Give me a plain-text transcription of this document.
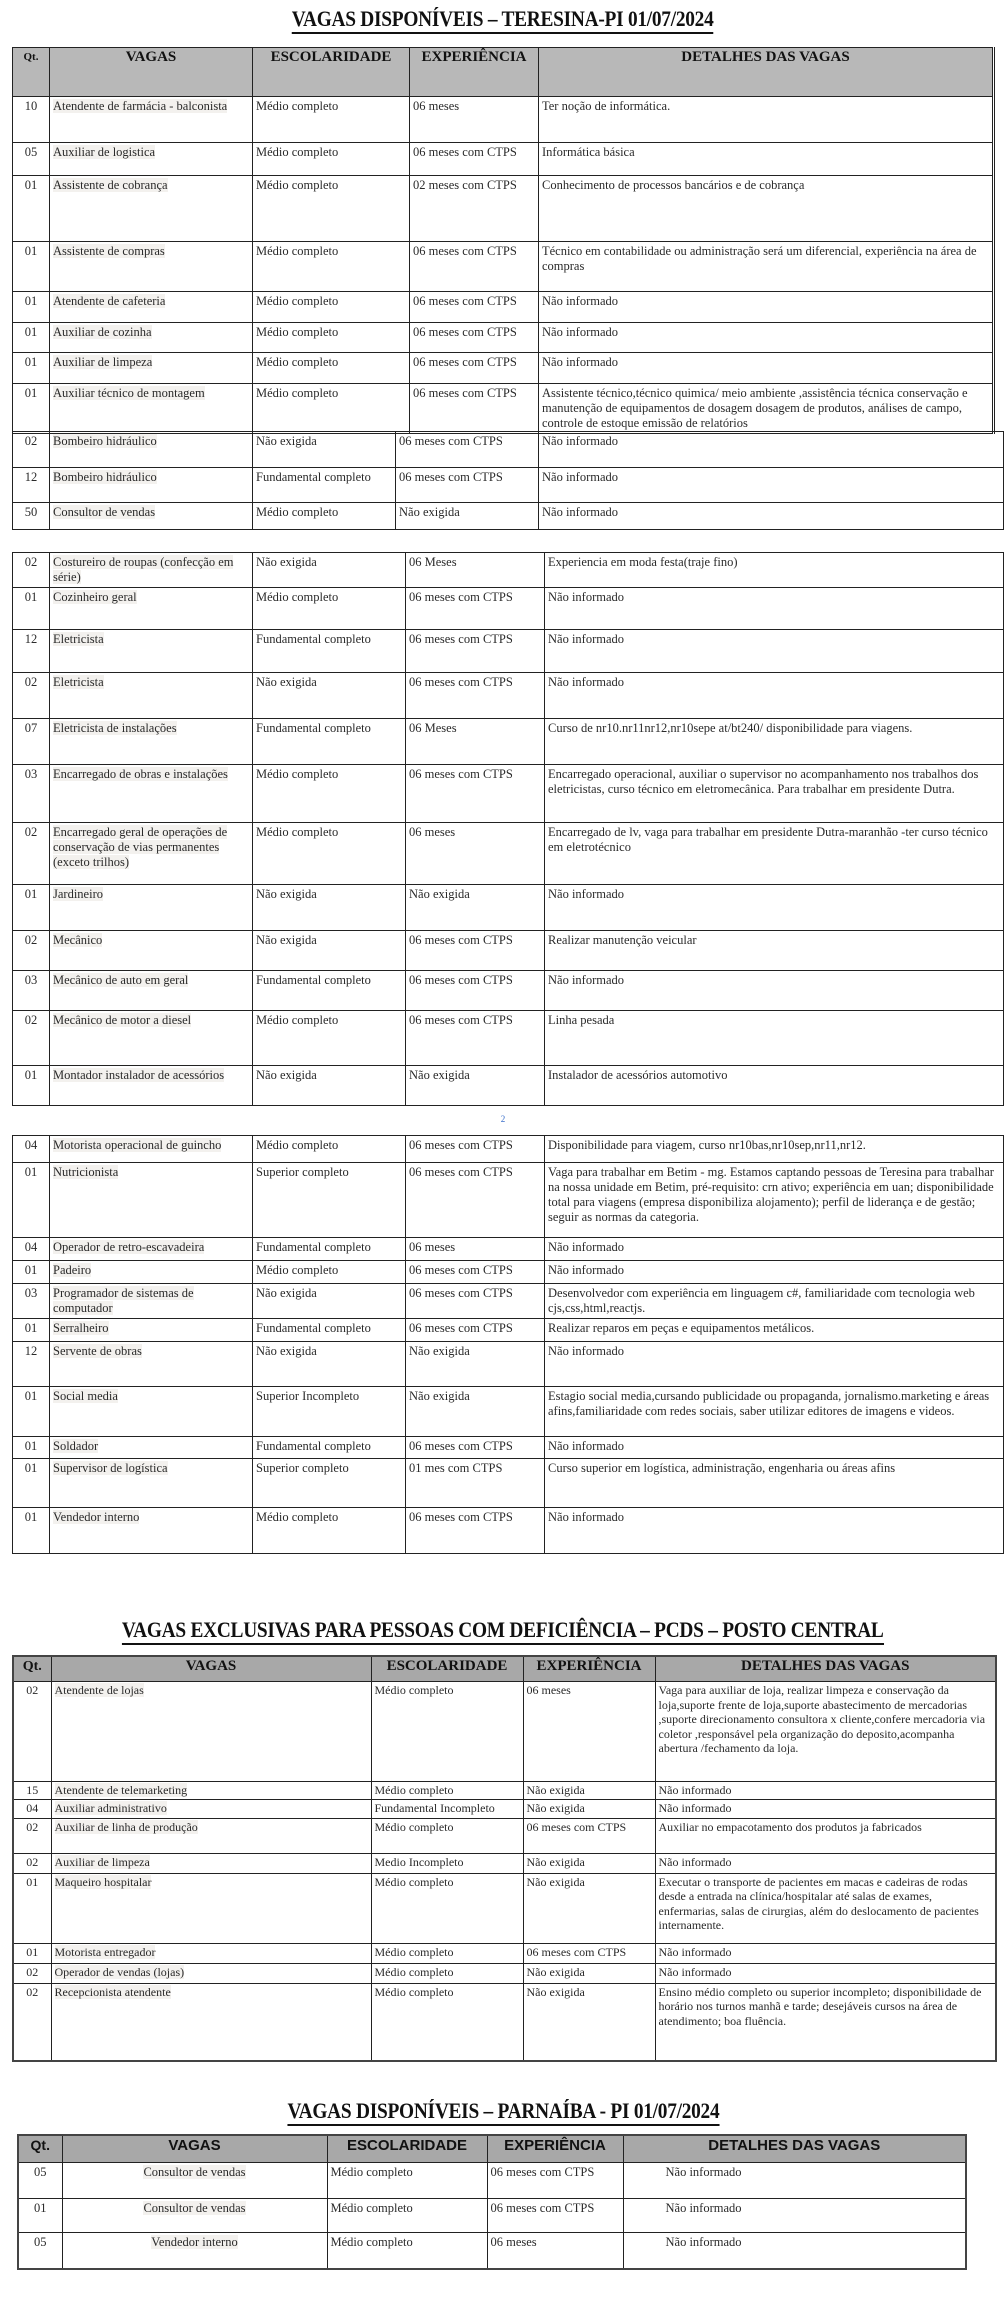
VAGAS DISPONÍVEIS – TERESINA-PI 01/07/2024
Qt.	VAGAS	ESCOLARIDADE	EXPERIÊNCIA	DETALHES DAS VAGAS
10	Atendente de farmácia - balconista	Médio completo	06 meses	Ter noção de informática.
05	Auxiliar de logistica	Médio completo	06 meses com CTPS	Informática básica
01	Assistente de cobrança	Médio completo	02 meses com CTPS	Conhecimento de processos bancários e de cobrança
01	Assistente de compras	Médio completo	06 meses com CTPS	Técnico em contabilidade ou administração será um diferencial, experiência na área de compras
01	Atendente de cafeteria	Médio completo	06 meses com CTPS	Não informado
01	Auxiliar de cozinha	Médio completo	06 meses com CTPS	Não informado
01	Auxiliar de limpeza	Médio completo	06 meses com CTPS	Não informado
01	Auxiliar técnico de montagem	Médio completo	06 meses com CTPS	Assistente técnico,técnico quimica/ meio ambiente ,assistência técnica conservação e manutenção de equipamentos de dosagem dosagem de produtos, análises de campo, controle de estoque emissão de relatórios
02	Bombeiro hidráulico	Não exigida	06 meses com CTPS	Não informado
12	Bombeiro hidráulico	Fundamental completo	06 meses com CTPS	Não informado
50	Consultor de vendas	Médio completo	Não exigida	Não informado
02	Costureiro de roupas (confecção em série)	Não exigida	06 Meses	Experiencia em moda festa(traje fino)
01	Cozinheiro geral	Médio completo	06 meses com CTPS	Não informado
12	Eletricista	Fundamental completo	06 meses com CTPS	Não informado
02	Eletricista	Não exigida	06 meses com CTPS	Não informado
07	Eletricista de instalações	Fundamental completo	06 Meses	Curso de nr10.nr11nr12,nr10sepe at/bt240/ disponibilidade para viagens.
03	Encarregado de obras e instalações	Médio completo	06 meses com CTPS	Encarregado operacional, auxiliar o supervisor no acompanhamento nos trabalhos dos eletricistas, curso técnico em eletromecânica. Para trabalhar em presidente Dutra.
02	Encarregado geral de operações de conservação de vias permanentes (exceto trilhos)	Médio completo	06 meses	Encarregado de lv, vaga para trabalhar em presidente Dutra-maranhão -ter curso técnico em eletrotécnico
01	Jardineiro	Não exigida	Não exigida	Não informado
02	Mecânico	Não exigida	06 meses com CTPS	Realizar manutenção veicular
03	Mecânico de auto em geral	Fundamental completo	06 meses com CTPS	Não informado
02	Mecânico de motor a diesel	Médio completo	06 meses com CTPS	Linha pesada
01	Montador instalador de acessórios	Não exigida	Não exigida	Instalador de acessórios automotivo
2
04	Motorista operacional de guincho	Médio completo	06 meses com CTPS	Disponibilidade para viagem, curso nr10bas,nr10sep,nr11,nr12.
01	Nutricionista	Superior completo	06 meses com CTPS	Vaga para trabalhar em Betim - mg. Estamos captando pessoas de Teresina para trabalhar na nossa unidade em Betim, pré-requisito: crn ativo; experiência em uan; disponibilidade total para viagens (empresa disponibiliza alojamento); perfil de liderança e de gestão; seguir as normas da categoria.
04	Operador de retro-escavadeira	Fundamental completo	06 meses	Não informado
01	Padeiro	Médio completo	06 meses com CTPS	Não informado
03	Programador de sistemas de computador	Não exigida	06 meses com CTPS	Desenvolvedor com experiência em linguagem c#, familiaridade com tecnologia web cjs,css,html,reactjs.
01	Serralheiro	Fundamental completo	06 meses com CTPS	Realizar reparos em peças e equipamentos metálicos.
12	Servente de obras	Não exigida	Não exigida	Não informado
01	Social media	Superior Incompleto	Não exigida	Estagio social media,cursando publicidade ou propaganda, jornalismo.marketing e áreas afins,familiaridade com redes sociais, saber utilizar editores de imagens e videos.
01	Soldador	Fundamental completo	06 meses com CTPS	Não informado
01	Supervisor de logística	Superior completo	01 mes com CTPS	Curso superior em logística, administração, engenharia ou áreas afins
01	Vendedor interno	Médio completo	06 meses com CTPS	Não informado
VAGAS EXCLUSIVAS PARA PESSOAS COM DEFICIÊNCIA – PCDS – POSTO CENTRAL
Qt.	VAGAS	ESCOLARIDADE	EXPERIÊNCIA	DETALHES DAS VAGAS
02	Atendente de lojas	Médio completo	06 meses	Vaga para auxiliar de loja, realizar limpeza e conservação da loja,suporte frente de loja,suporte abastecimento de mercadorias ,suporte direcionamento consultora x cliente,confere mercadoria via coletor ,responsável pela organização do deposito,acompanha abertura /fechamento da loja.
15	Atendente de telemarketing	Médio completo	Não exigida	Não informado
04	Auxiliar administrativo	Fundamental Incompleto	Não exigida	Não informado
02	Auxiliar de linha de produção	Médio completo	06 meses com CTPS	Auxiliar no empacotamento dos produtos ja fabricados
02	Auxiliar de limpeza	Medio Incompleto	Não exigida	Não informado
01	Maqueiro hospitalar	Médio completo	Não exigida	Executar o transporte de pacientes em macas e cadeiras de rodas desde a entrada na clínica/hospitalar até salas de exames, enfermarias, salas de cirurgias, além do deslocamento de pacientes internamente.
01	Motorista entregador	Médio completo	06 meses com CTPS	Não informado
02	Operador de vendas (lojas)	Médio completo	Não exigida	Não informado
02	Recepcionista atendente	Médio completo	Não exigida	Ensino médio completo ou superior incompleto; disponibilidade de horário nos turnos manhã e tarde; desejáveis cursos na área de atendimento; boa fluência.
VAGAS DISPONÍVEIS – PARNAÍBA - PI 01/07/2024
Qt.	VAGAS	ESCOLARIDADE	EXPERIÊNCIA	DETALHES DAS VAGAS
05	Consultor de vendas	Médio completo	06 meses com CTPS	Não informado
01	Consultor de vendas	Médio completo	06 meses com CTPS	Não informado
05	Vendedor interno	Médio completo	06 meses	Não informado
